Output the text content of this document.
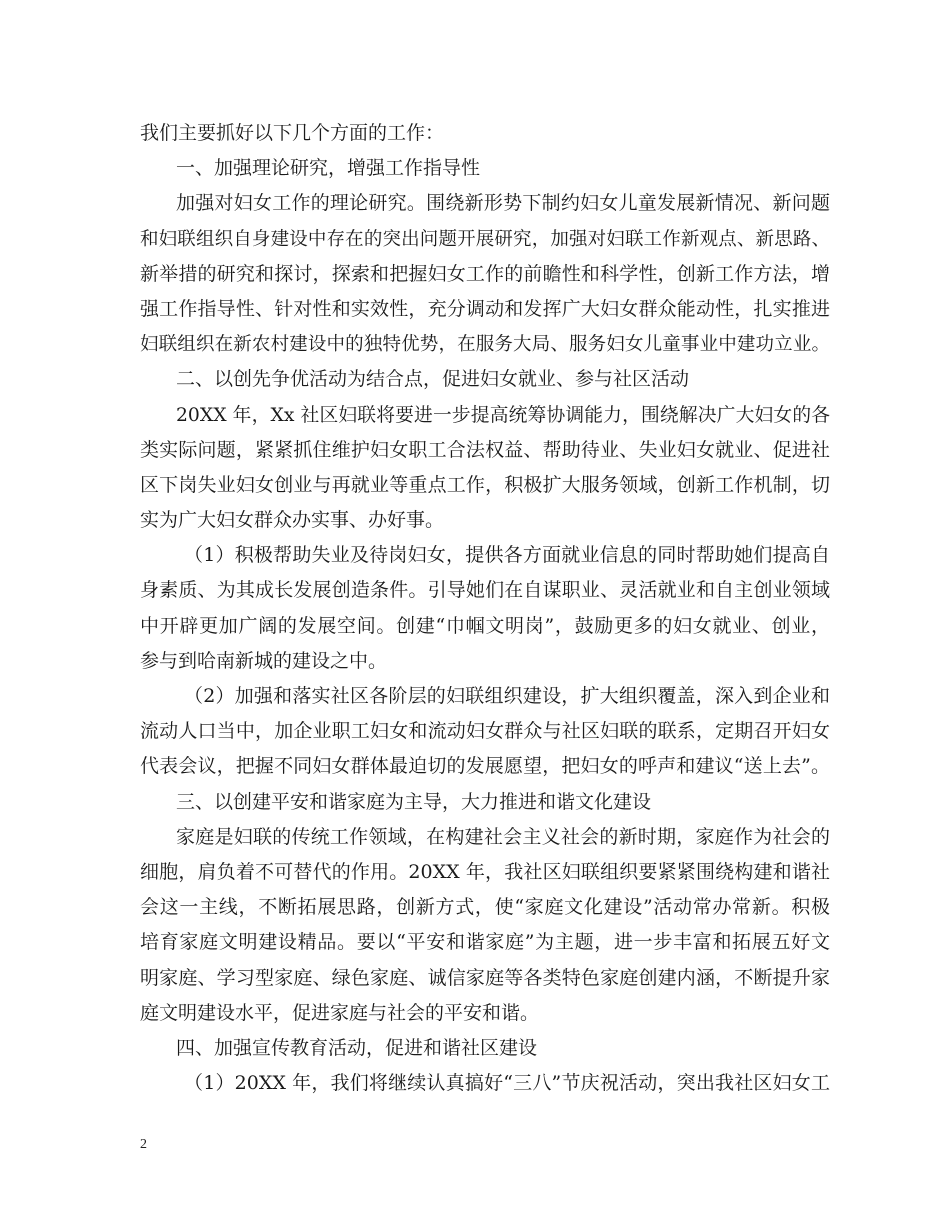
我们主要抓好以下几个方面的工作：
一、加强理论研究，增强工作指导性
加强对妇女工作的理论研究。围绕新形势下制约妇女儿童发展新情况、新问题
和妇联组织自身建设中存在的突出问题开展研究，加强对妇联工作新观点、新思路、
新举措的研究和探讨，探索和把握妇女工作的前瞻性和科学性，创新工作方法，增
强工作指导性、针对性和实效性，充分调动和发挥广大妇女群众能动性，扎实推进
妇联组织在新农村建设中的独特优势，在服务大局、服务妇女儿童事业中建功立业。
二、以创先争优活动为结合点，促进妇女就业、参与社区活动
20XX 年，Xx 社区妇联将要进一步提高统筹协调能力，围绕解决广大妇女的各
类实际问题，紧紧抓住维护妇女职工合法权益、帮助待业、失业妇女就业、促进社
区下岗失业妇女创业与再就业等重点工作，积极扩大服务领域，创新工作机制，切
实为广大妇女群众办实事、办好事。
（1）积极帮助失业及待岗妇女，提供各方面就业信息的同时帮助她们提高自
身素质、为其成长发展创造条件。引导她们在自谋职业、灵活就业和自主创业领域
中开辟更加广阔的发展空间。创建“巾帼文明岗”，鼓励更多的妇女就业、创业，
参与到哈南新城的建设之中。
（2）加强和落实社区各阶层的妇联组织建设，扩大组织覆盖，深入到企业和
流动人口当中，加企业职工妇女和流动妇女群众与社区妇联的联系，定期召开妇女
代表会议，把握不同妇女群体最迫切的发展愿望，把妇女的呼声和建议“送上去”。
三、以创建平安和谐家庭为主导，大力推进和谐文化建设
家庭是妇联的传统工作领域，在构建社会主义社会的新时期，家庭作为社会的
细胞，肩负着不可替代的作用。20XX 年，我社区妇联组织要紧紧围绕构建和谐社
会这一主线，不断拓展思路，创新方式，使“家庭文化建设”活动常办常新。积极
培育家庭文明建设精品。要以“平安和谐家庭”为主题，进一步丰富和拓展五好文
明家庭、学习型家庭、绿色家庭、诚信家庭等各类特色家庭创建内涵，不断提升家
庭文明建设水平，促进家庭与社会的平安和谐。
四、加强宣传教育活动，促进和谐社区建设
（1）20XX 年，我们将继续认真搞好“三八”节庆祝活动，突出我社区妇女工
2
